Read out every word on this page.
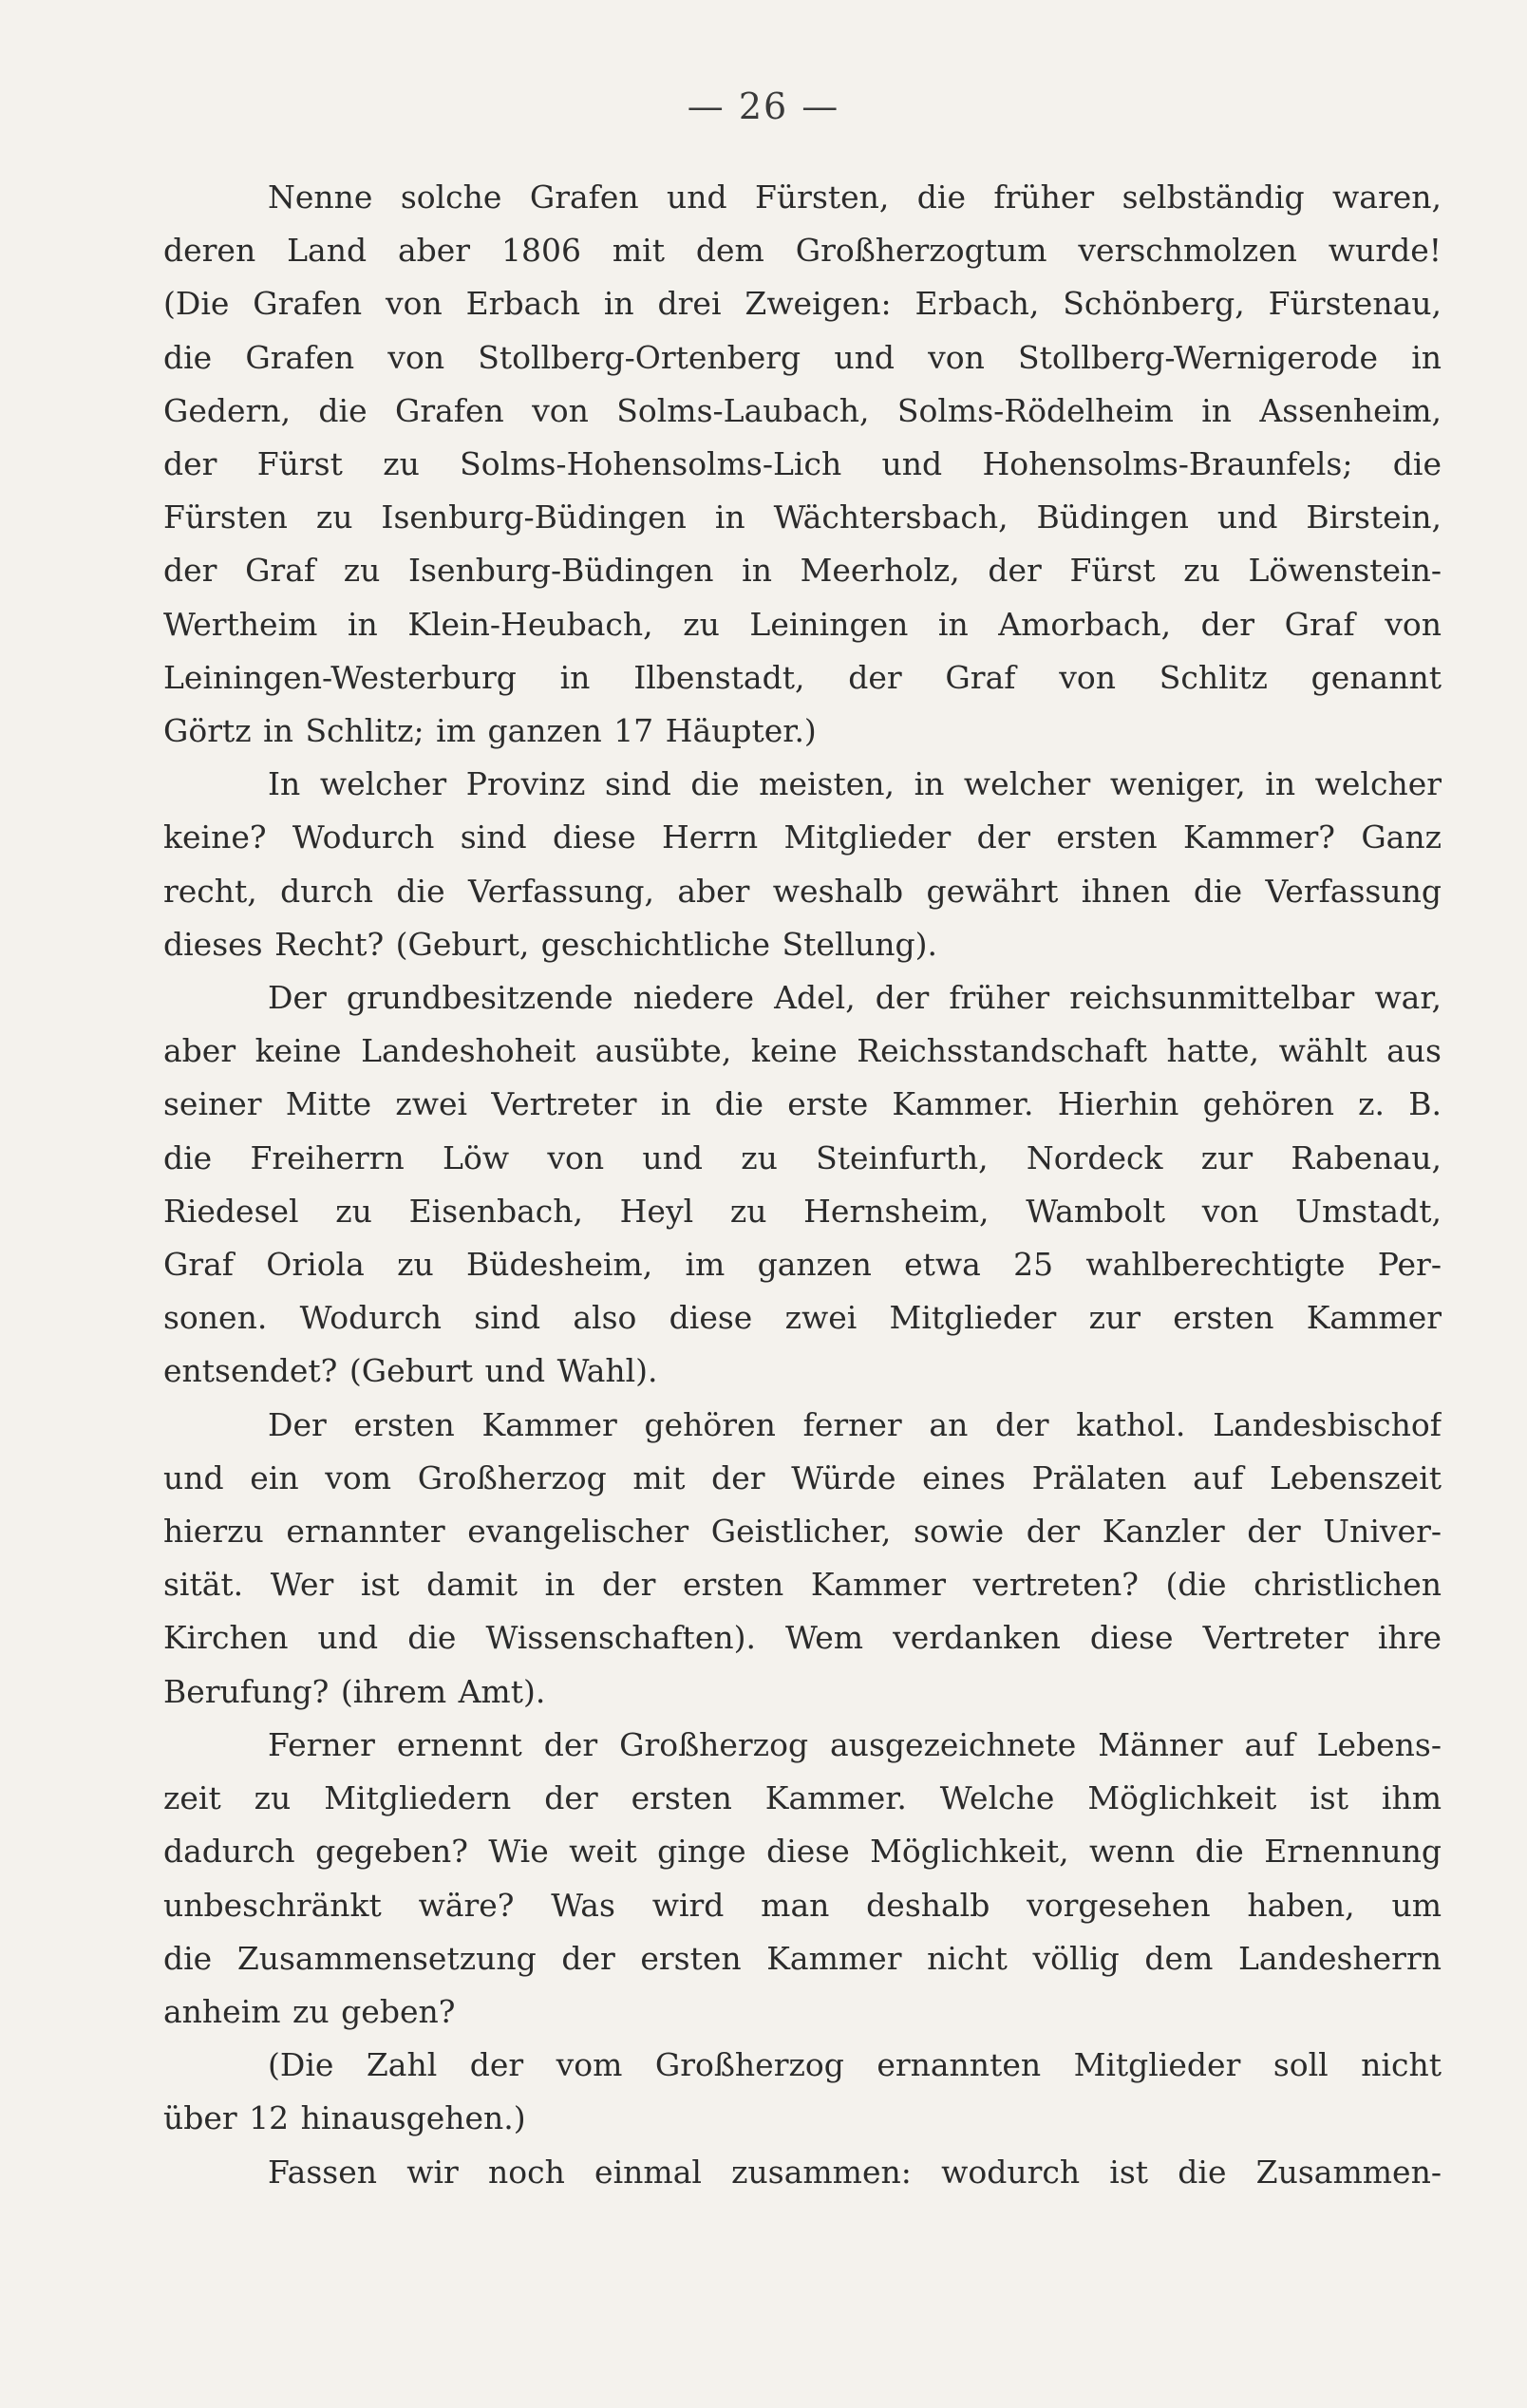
— 26 —

Nenne solche Grafen und Fürsten, die früher selbständig waren,
deren Land aber 1806 mit dem Großherzogtum verschmolzen wurde!
(Die Grafen von Erbach in drei Zweigen: Erbach, Schönberg, Fürstenau,
die Grafen von Stollberg-Ortenberg und von Stollberg-Wernigerode in
Gedern, die Grafen von Solms-Laubach, Solms-Rödelheim in Assenheim,
der Fürst zu Solms-Hohensolms-Lich und Hohensolms-Braunfels; die
Fürsten zu Isenburg-Büdingen in Wächtersbach, Büdingen und Birstein,
der Graf zu Isenburg-Büdingen in Meerholz, der Fürst zu Löwenstein-
Wertheim in Klein-Heubach, zu Leiningen in Amorbach, der Graf von
Leiningen-Westerburg in Ilbenstadt, der Graf von Schlitz genannt
Görtz in Schlitz; im ganzen 17 Häupter.)

In welcher Provinz sind die meisten, in welcher weniger, in welcher
keine? Wodurch sind diese Herrn Mitglieder der ersten Kammer? Ganz
recht, durch die Verfassung, aber weshalb gewährt ihnen die Verfassung
dieses Recht? (Geburt, geschichtliche Stellung).

Der grundbesitzende niedere Adel, der früher reichsunmittelbar war,
aber keine Landeshoheit ausübte, keine Reichsstandschaft hatte, wählt aus
seiner Mitte zwei Vertreter in die erste Kammer. Hierhin gehören z. B.
die Freiherrn Löw von und zu Steinfurth, Nordeck zur Rabenau,
Riedesel zu Eisenbach, Heyl zu Hernsheim, Wambolt von Umstadt,
Graf Oriola zu Büdesheim, im ganzen etwa 25 wahlberechtigte Per-
sonen. Wodurch sind also diese zwei Mitglieder zur ersten Kammer
entsendet? (Geburt und Wahl).

Der ersten Kammer gehören ferner an der kathol. Landesbischof
und ein vom Großherzog mit der Würde eines Prälaten auf Lebenszeit
hierzu ernannter evangelischer Geistlicher, sowie der Kanzler der Univer-
sität. Wer ist damit in der ersten Kammer vertreten? (die christlichen
Kirchen und die Wissenschaften). Wem verdanken diese Vertreter ihre
Berufung? (ihrem Amt).

Ferner ernennt der Großherzog ausgezeichnete Männer auf Lebens-
zeit zu Mitgliedern der ersten Kammer. Welche Möglichkeit ist ihm
dadurch gegeben? Wie weit ginge diese Möglichkeit, wenn die Ernennung
unbeschränkt wäre? Was wird man deshalb vorgesehen haben, um
die Zusammensetzung der ersten Kammer nicht völlig dem Landesherrn
anheim zu geben?

(Die Zahl der vom Großherzog ernannten Mitglieder soll nicht
über 12 hinausgehen.)

Fassen wir noch einmal zusammen: wodurch ist die Zusammen-
